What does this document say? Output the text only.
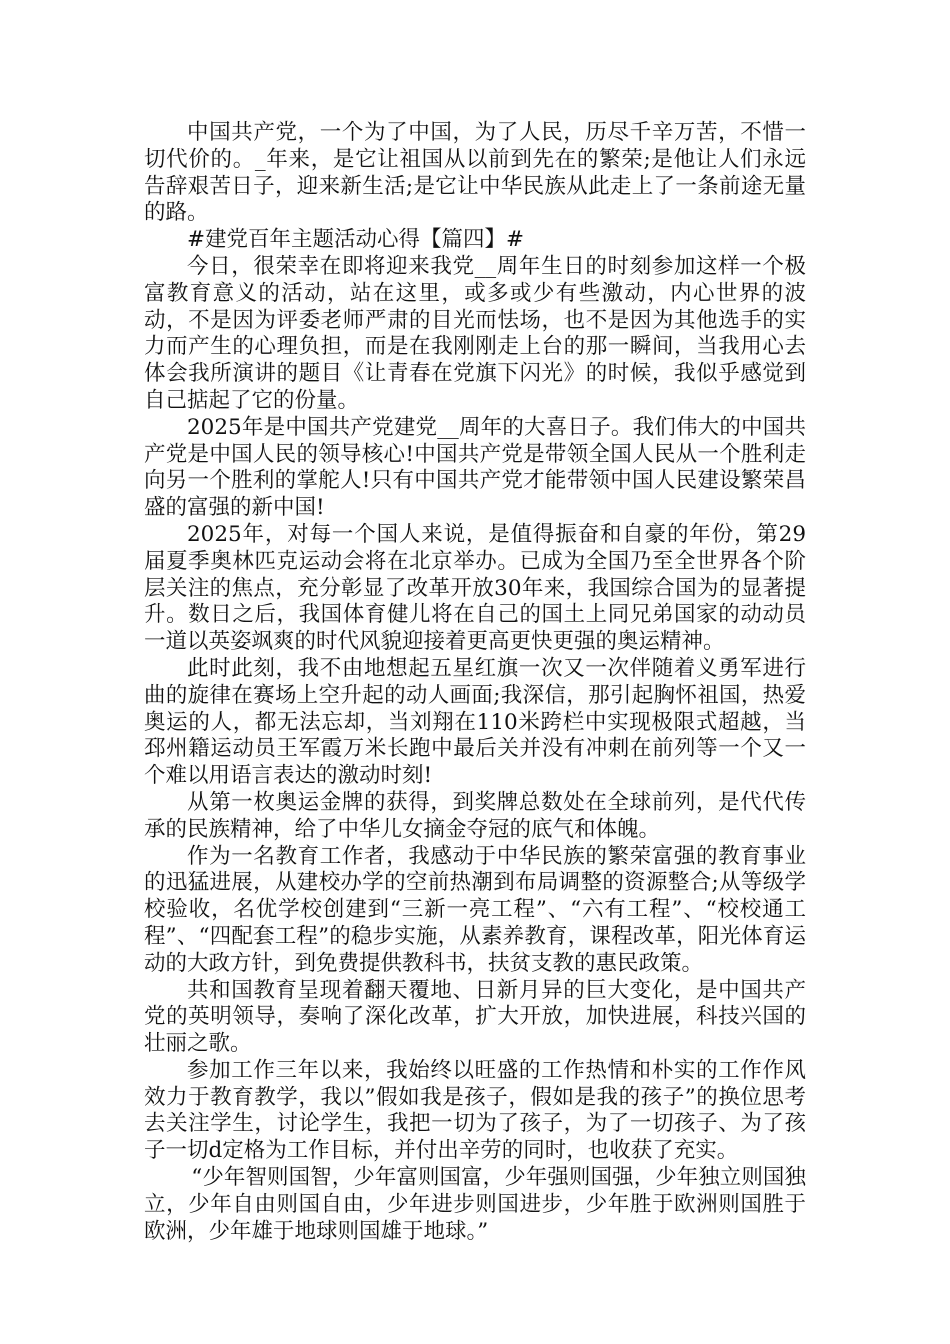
中国共产党，一个为了中国，为了人民，历尽千辛万苦，不惜一切代价的。_年来，是它让祖国从以前到先在的繁荣;是他让人们永远告辞艰苦日子，迎来新生活;是它让中华民族从此走上了一条前途无量的路。

#建党百年主题活动心得【篇四】#

今日，很荣幸在即将迎来我党__周年生日的时刻参加这样一个极富教育意义的活动，站在这里，或多或少有些激动，内心世界的波动，不是因为评委老师严肃的目光而怯场，也不是因为其他选手的实力而产生的心理负担，而是在我刚刚走上台的那一瞬间，当我用心去体会我所演讲的题目《让青春在党旗下闪光》的时候，我似乎感觉到自己掂起了它的份量。

2025年是中国共产党建党__周年的大喜日子。我们伟大的中国共产党是中国人民的领导核心!中国共产党是带领全国人民从一个胜利走向另一个胜利的掌舵人!只有中国共产党才能带领中国人民建设繁荣昌盛的富强的新中国!

2025年，对每一个国人来说，是值得振奋和自豪的年份，第29届夏季奥林匹克运动会将在北京举办。已成为全国乃至全世界各个阶层关注的焦点，充分彰显了改革开放30年来，我国综合国为的显著提升。数日之后，我国体育健儿将在自己的国土上同兄弟国家的动动员一道以英姿飒爽的时代风貌迎接着更高更快更强的奥运精神。

此时此刻，我不由地想起五星红旗一次又一次伴随着义勇军进行曲的旋律在赛场上空升起的动人画面;我深信，那引起胸怀祖国，热爱奥运的人，都无法忘却，当刘翔在110米跨栏中实现极限式超越，当邳州籍运动员王军霞万米长跑中最后关并没有冲刺在前列等一个又一个难以用语言表达的激动时刻!

从第一枚奥运金牌的获得，到奖牌总数处在全球前列，是代代传承的民族精神，给了中华儿女摘金夺冠的底气和体魄。

作为一名教育工作者，我感动于中华民族的繁荣富强的教育事业的迅猛进展，从建校办学的空前热潮到布局调整的资源整合;从等级学校验收，名优学校创建到“三新一亮工程”、“六有工程”、“校校通工程”、“四配套工程”的稳步实施，从素养教育，课程改革，阳光体育运动的大政方针，到免费提供教科书，扶贫支教的惠民政策。

共和国教育呈现着翻天覆地、日新月异的巨大变化，是中国共产党的英明领导，奏响了深化改革，扩大开放，加快进展，科技兴国的壮丽之歌。

参加工作三年以来，我始终以旺盛的工作热情和朴实的工作作风效力于教育教学，我以”假如我是孩子，假如是我的孩子”的换位思考去关注学生，讨论学生，我把一切为了孩子，为了一切孩子、为了孩子一切d定格为工作目标，并付出辛劳的同时，也收获了充实。

“少年智则国智，少年富则国富，少年强则国强，少年独立则国独立，少年自由则国自由，少年进步则国进步，少年胜于欧洲则国胜于欧洲，少年雄于地球则国雄于地球。”
